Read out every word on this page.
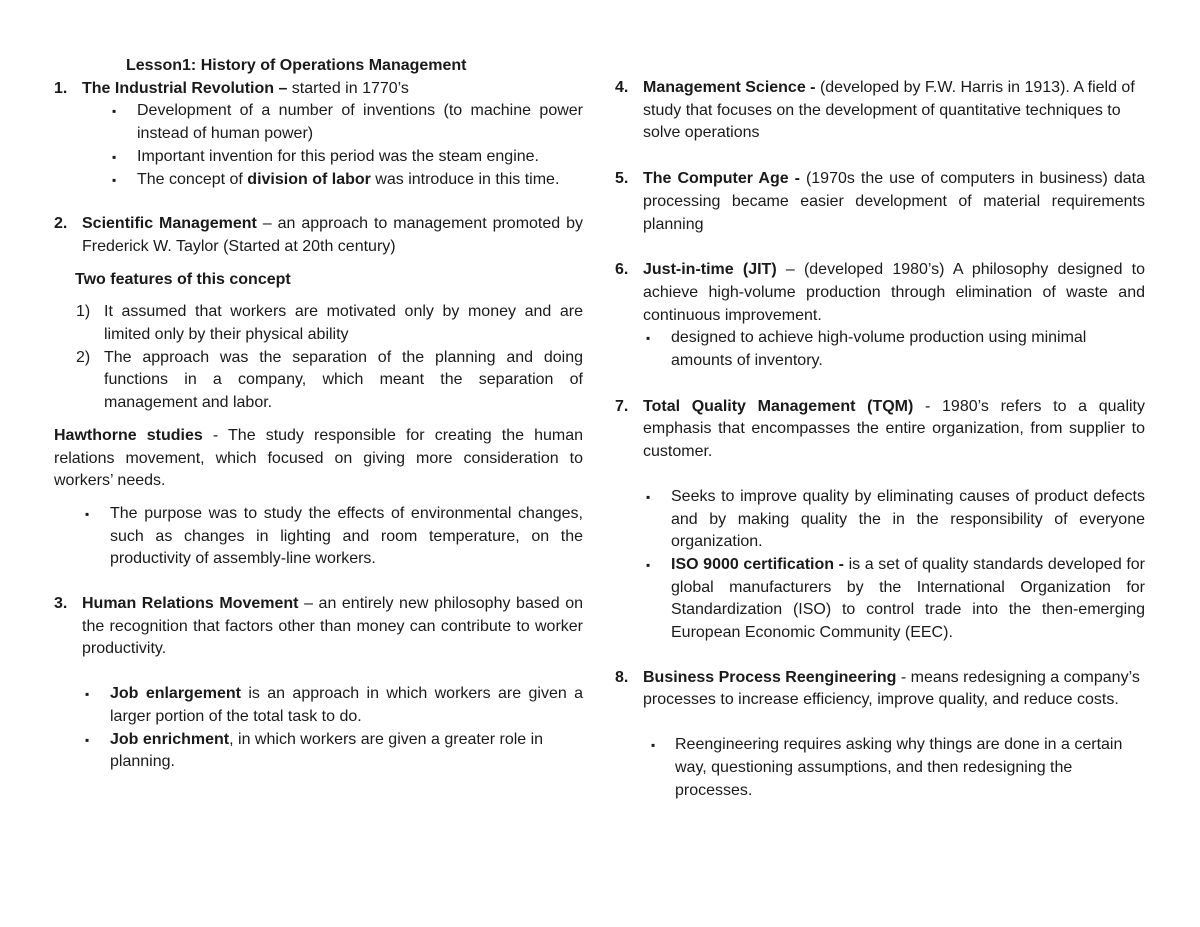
Lesson1: History of Operations Management

1. The Industrial Revolution – started in 1770’s
▪ Development of a number of inventions (to machine power instead of human power)
▪ Important invention for this period was the steam engine.
▪ The concept of division of labor was introduce in this time.
2. Scientific Management – an approach to management promoted by Frederick W. Taylor (Started at 20th century)

Two features of this concept

1) It assumed that workers are motivated only by money and are limited only by their physical ability
2) The approach was the separation of the planning and doing functions in a company, which meant the separation of management and labor.

Hawthorne studies - The study responsible for creating the human relations movement, which focused on giving more consideration to workers’ needs.

▪ The purpose was to study the effects of environmental changes, such as changes in lighting and room temperature, on the productivity of assembly-line workers.
3. Human Relations Movement – an entirely new philosophy based on the recognition that factors other than money can contribute to worker productivity.
▪ Job enlargement is an approach in which workers are given a larger portion of the total task to do.
▪ Job enrichment, in which workers are given a greater role in planning.
4. Management Science - (developed by F.W. Harris in 1913). A field of study that focuses on the development of quantitative techniques to solve operations
5. The Computer Age - (1970s the use of computers in business) data processing became easier development of material requirements planning
6. Just-in-time (JIT) – (developed 1980’s) A philosophy designed to achieve high-volume production through elimination of waste and continuous improvement.
▪ designed to achieve high-volume production using minimal amounts of inventory.
7. Total Quality Management (TQM) - 1980’s refers to a quality emphasis that encompasses the entire organization, from supplier to customer.
▪ Seeks to improve quality by eliminating causes of product defects and by making quality the in the responsibility of everyone organization.
▪ ISO 9000 certification - is a set of quality standards developed for global manufacturers by the International Organization for Standardization (ISO) to control trade into the then-emerging European Economic Community (EEC).
8. Business Process Reengineering - means redesigning a company’s processes to increase efficiency, improve quality, and reduce costs.
▪ Reengineering requires asking why things are done in a certain way, questioning assumptions, and then redesigning the processes.
